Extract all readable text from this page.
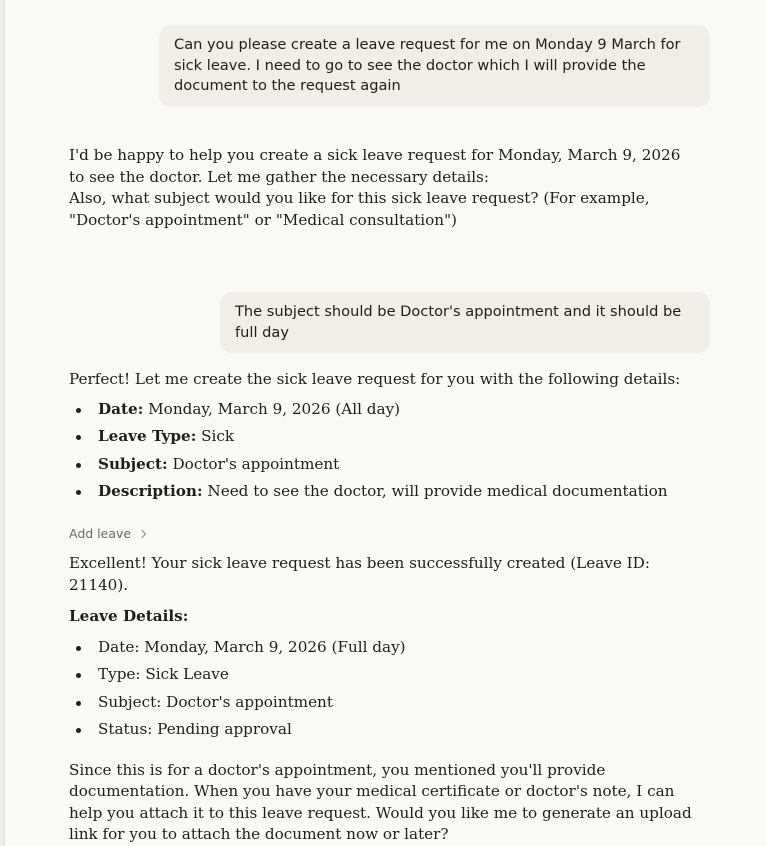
Can you please create a leave request for me on Monday 9 March for sick leave. I need to go to see the doctor which I will provide the document to the request again

I'd be happy to help you create a sick leave request for Monday, March 9, 2026 to see the doctor. Let me gather the necessary details:

Also, what subject would you like for this sick leave request? (For example, "Doctor's appointment" or "Medical consultation")

The subject should be Doctor's appointment and it should be full day

Perfect! Let me create the sick leave request for you with the following details:

Date: Monday, March 9, 2026 (All day)
Leave Type: Sick
Subject: Doctor's appointment
Description: Need to see the doctor, will provide medical documentation
Add leave

Excellent! Your sick leave request has been successfully created (Leave ID: 21140).

Leave Details:

Date: Monday, March 9, 2026 (Full day)
Type: Sick Leave
Subject: Doctor's appointment
Status: Pending approval

Since this is for a doctor's appointment, you mentioned you'll provide documentation. When you have your medical certificate or doctor's note, I can help you attach it to this leave request. Would you like me to generate an upload link for you to attach the document now or later?
